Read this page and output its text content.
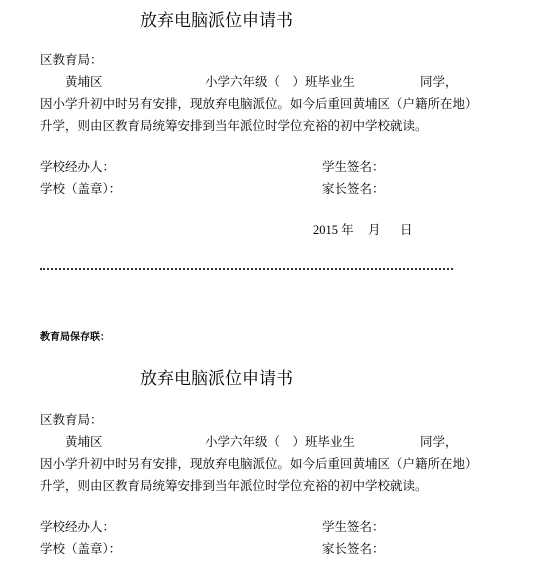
放弃电脑派位申请书
区教育局：
黄埔区	小学六年级（　）班毕业生	同学，
因小学升初中时另有安排，现放弃电脑派位。如今后重回黄埔区（户籍所在地）
升学，则由区教育局统筹安排到当年派位时学位充裕的初中学校就读。
学校经办人：	学生签名：
学校（盖章）：	家长签名：
2015 年 月 日
教育局保存联：
放弃电脑派位申请书
区教育局：
黄埔区	小学六年级（　）班毕业生	同学，
因小学升初中时另有安排，现放弃电脑派位。如今后重回黄埔区（户籍所在地）
升学，则由区教育局统筹安排到当年派位时学位充裕的初中学校就读。
学校经办人：	学生签名：
学校（盖章）：	家长签名：
